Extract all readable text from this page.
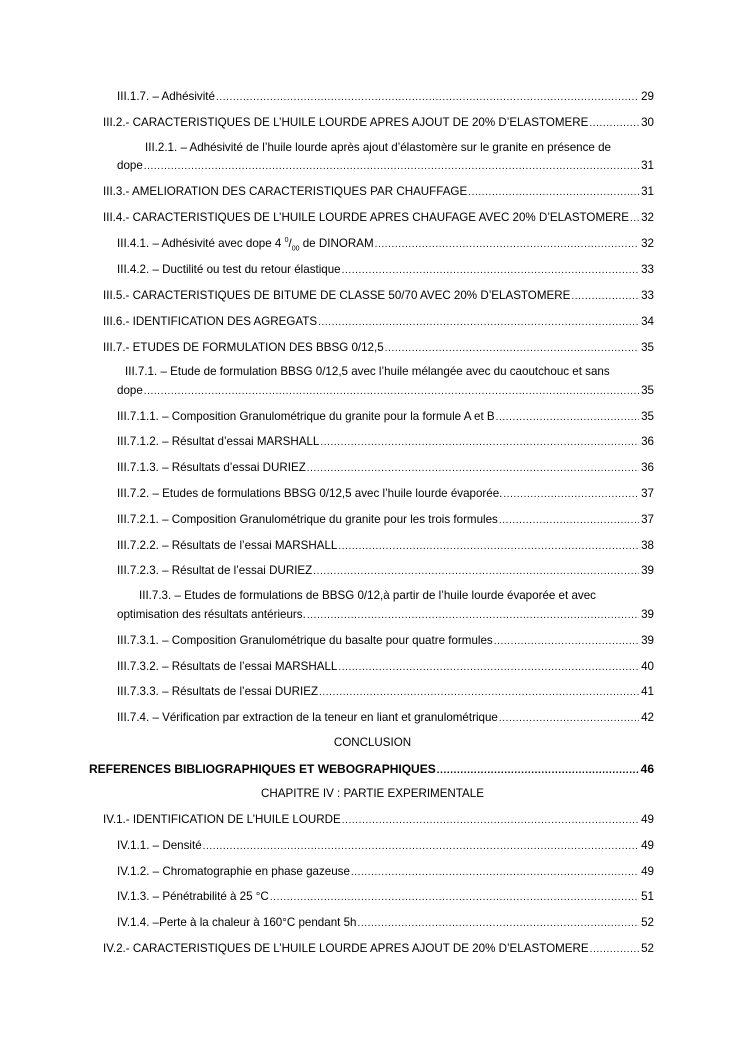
III.1.7. – Adhésivité .....	29
III.2.- CARACTERISTIQUES DE L’HUILE LOURDE APRES AJOUT DE 20% D’ELASTOMERE .....	30
III.2.1. – Adhésivité de l’huile lourde après ajout d’élastomère sur le granite en présence de
dope .....	31
III.3.- AMELIORATION DES CARACTERISTIQUES PAR CHAUFFAGE .....	31
III.4.- CARACTERISTIQUES DE L’HUILE LOURDE APRES CHAUFAGE AVEC 20% D’ELASTOMERE ..... 32
III.4.1. – Adhésivité avec dope 4 $^0/_{00}$ de DINORAM .....	32
III.4.2. – Ductilité ou test du retour élastique .....	33
III.5.- CARACTERISTIQUES DE BITUME DE CLASSE 50/70 AVEC 20% D’ELASTOMERE .....	33
III.6.- IDENTIFICATION DES AGREGATS .....	34
III.7.- ETUDES DE FORMULATION DES BBSG 0/12,5 .....	35
III.7.1. – Etude de formulation BBSG 0/12,5 avec l’huile mélangée avec du caoutchouc et sans
dope .....	35
III.7.1.1. – Composition Granulométrique du granite pour la formule A et B .....	35
III.7.1.2. – Résultat d’essai MARSHALL .....	36
III.7.1.3. – Résultats d’essai DURIEZ .....	36
III.7.2. – Etudes de formulations BBSG 0/12,5 avec l’huile lourde évaporée. .....	37
III.7.2.1. – Composition Granulométrique du granite pour les trois formules .....	37
III.7.2.2. – Résultats de l’essai MARSHALL .....	38
III.7.2.3. – Résultat de l’essai DURIEZ .....	39
III.7.3. – Etudes de formulations de BBSG 0/12,à partir de l’huile lourde évaporée et avec
optimisation des résultats antérieurs. .....	39
III.7.3.1. – Composition Granulométrique du basalte pour quatre formules .....	39
III.7.3.2. – Résultats de l’essai MARSHALL .....	40
III.7.3.3. – Résultats de l’essai DURIEZ .....	41
III.7.4. – Vérification par extraction de la teneur en liant et granulométrique .....	42
CONCLUSION
REFERENCES BIBLIOGRAPHIQUES ET WEBOGRAPHIQUES .....	46
CHAPITRE IV : PARTIE EXPERIMENTALE
IV.1.- IDENTIFICATION DE L’HUILE LOURDE .....	49
IV.1.1. – Densité .....	49
IV.1.2. – Chromatographie en phase gazeuse .....	49
IV.1.3. – Pénétrabilité à 25 °C .....	51
IV.1.4. –Perte à la chaleur à 160°C pendant 5h .....	52
IV.2.- CARACTERISTIQUES DE L’HUILE LOURDE APRES AJOUT DE 20% D’ELASTOMERE .....	52
